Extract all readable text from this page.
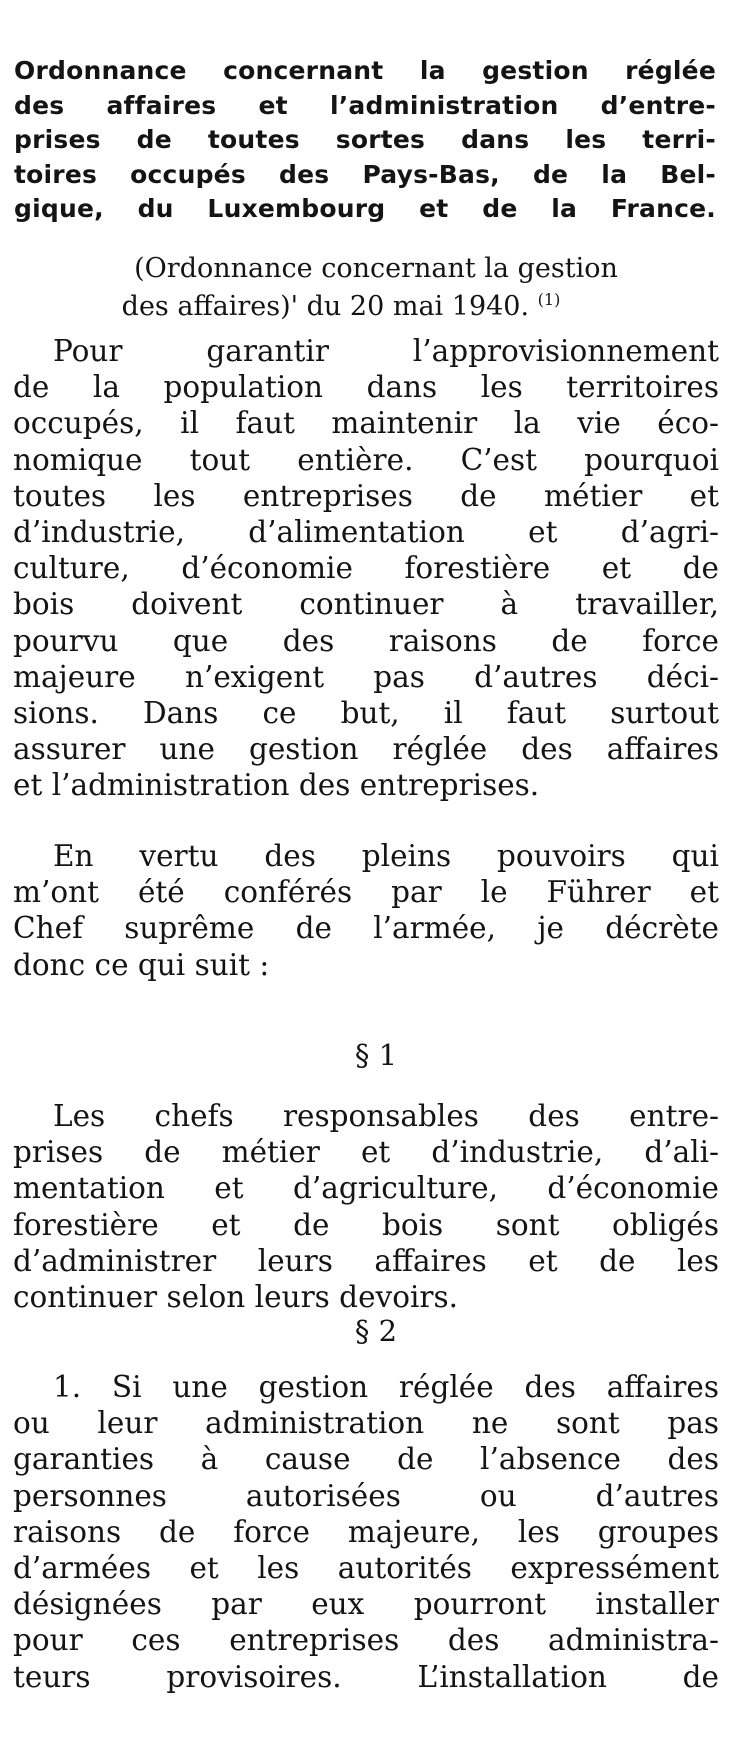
Ordonnance concernant la gestion réglée
des affaires et l’administration d’entre-
prises de toutes sortes dans les terri-
toires occupés des Pays-Bas, de la Bel-
gique, du Luxembourg et de la France.
(Ordonnance concernant la gestion
des affaires)' du 20 mai 1940. $^{(1)}$
Pour garantir l’approvisionnement
de la population dans les territoires
occupés, il faut maintenir la vie éco-
nomique tout entière. C’est pourquoi
toutes les entreprises de métier et
d’industrie, d’alimentation et d’agri-
culture, d’économie forestière et de
bois doivent continuer à travailler,
pourvu que des raisons de force
majeure n’exigent pas d’autres déci-
sions. Dans ce but, il faut surtout
assurer une gestion réglée des affaires
et l’administration des entreprises.
En vertu des pleins pouvoirs qui
m’ont été conférés par le Führer et
Chef suprême de l’armée, je décrète
donc ce qui suit :
§ 1
Les chefs responsables des entre-
prises de métier et d’industrie, d’ali-
mentation et d’agriculture, d’économie
forestière et de bois sont obligés
d’administrer leurs affaires et de les
continuer selon leurs devoirs.
§ 2
1. Si une gestion réglée des affaires
ou leur administration ne sont pas
garanties à cause de l’absence des
personnes autorisées ou d’autres
raisons de force majeure, les groupes
d’armées et les autorités expressément
désignées par eux pourront installer
pour ces entreprises des administra-
teurs provisoires. L’installation de
